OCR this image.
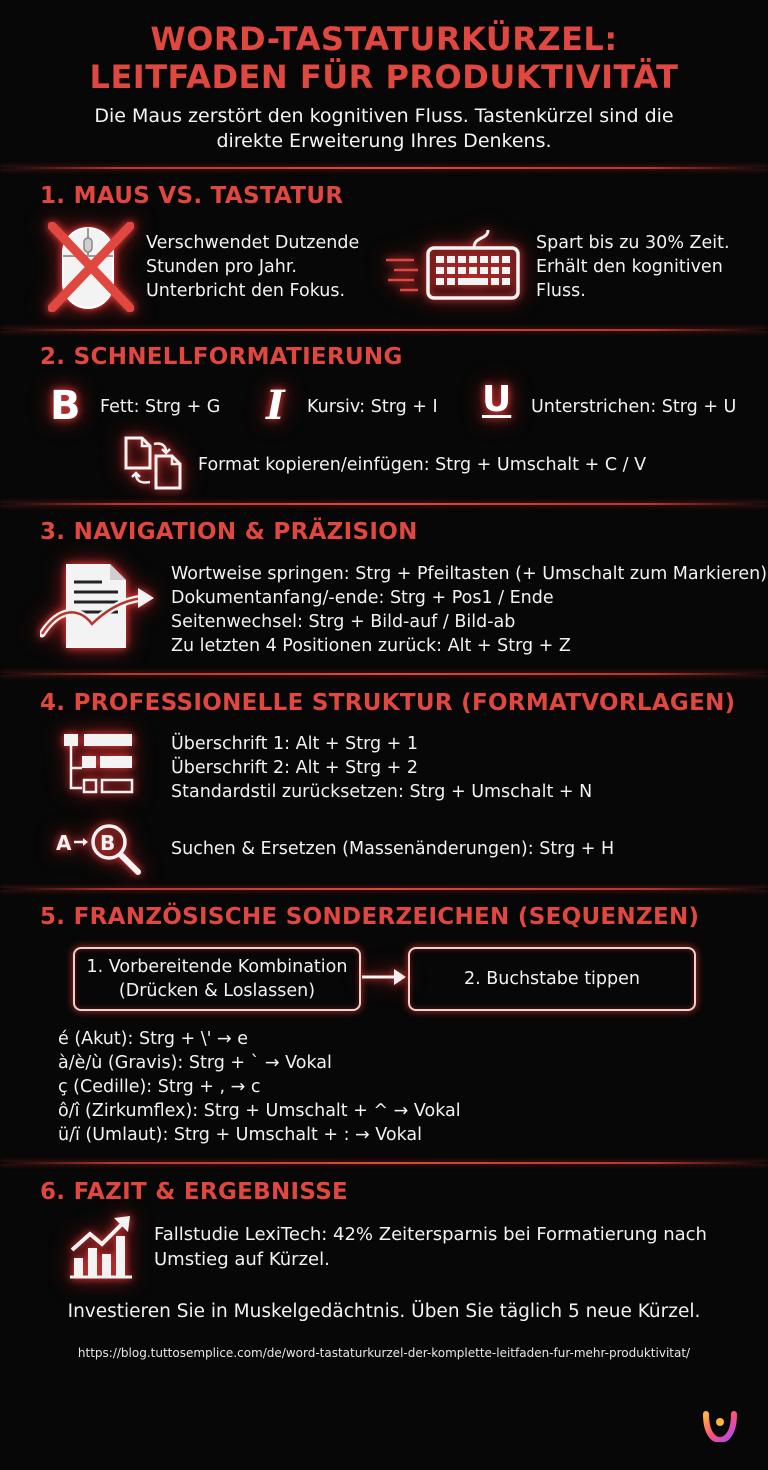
WORD-TASTATURKÜRZEL:
LEITFADEN FÜR PRODUKTIVITÄT
Die Maus zerstört den kognitiven Fluss. Tastenkürzel sind die
direkte Erweiterung Ihres Denkens.
1. MAUS VS. TASTATUR
Verschwendet Dutzende
Stunden pro Jahr.
Unterbricht den Fokus.
Spart bis zu 30% Zeit.
Erhält den kognitiven
Fluss.
2. SCHNELLFORMATIERUNG
B Fett: Strg + G I Kursiv: Strg + I U Unterstrichen: Strg + U
Format kopieren/einfügen: Strg + Umschalt + C / V
3. NAVIGATION & PRÄZISION
Wortweise springen: Strg + Pfeiltasten (+ Umschalt zum Markieren)
Dokumentanfang/-ende: Strg + Pos1 / Ende
Seitenwechsel: Strg + Bild-auf / Bild-ab
Zu letzten 4 Positionen zurück: Alt + Strg + Z
4. PROFESSIONELLE STRUKTUR (FORMATVORLAGEN)
Überschrift 1: Alt + Strg + 1
Überschrift 2: Alt + Strg + 2
Standardstil zurücksetzen: Strg + Umschalt + N
A B	Suchen & Ersetzen (Massenänderungen): Strg + H
5. FRANZÖSISCHE SONDERZEICHEN (SEQUENZEN)
1. Vorbereitende Kombination
(Drücken & Loslassen)
2. Buchstabe tippen
é (Akut): Strg + \' → e
à/è/ù (Gravis): Strg + ` → Vokal
ç (Cedille): Strg + , → c
ô/î (Zirkumflex): Strg + Umschalt + ^ → Vokal
ü/ï (Umlaut): Strg + Umschalt + : → Vokal
6. FAZIT & ERGEBNISSE
Fallstudie LexiTech: 42% Zeitersparnis bei Formatierung nach
Umstieg auf Kürzel.
Investieren Sie in Muskelgedächtnis. Üben Sie täglich 5 neue Kürzel.
https://blog.tuttosemplice.com/de/word-tastaturkurzel-der-komplette-leitfaden-fur-mehr-produktivitat/
